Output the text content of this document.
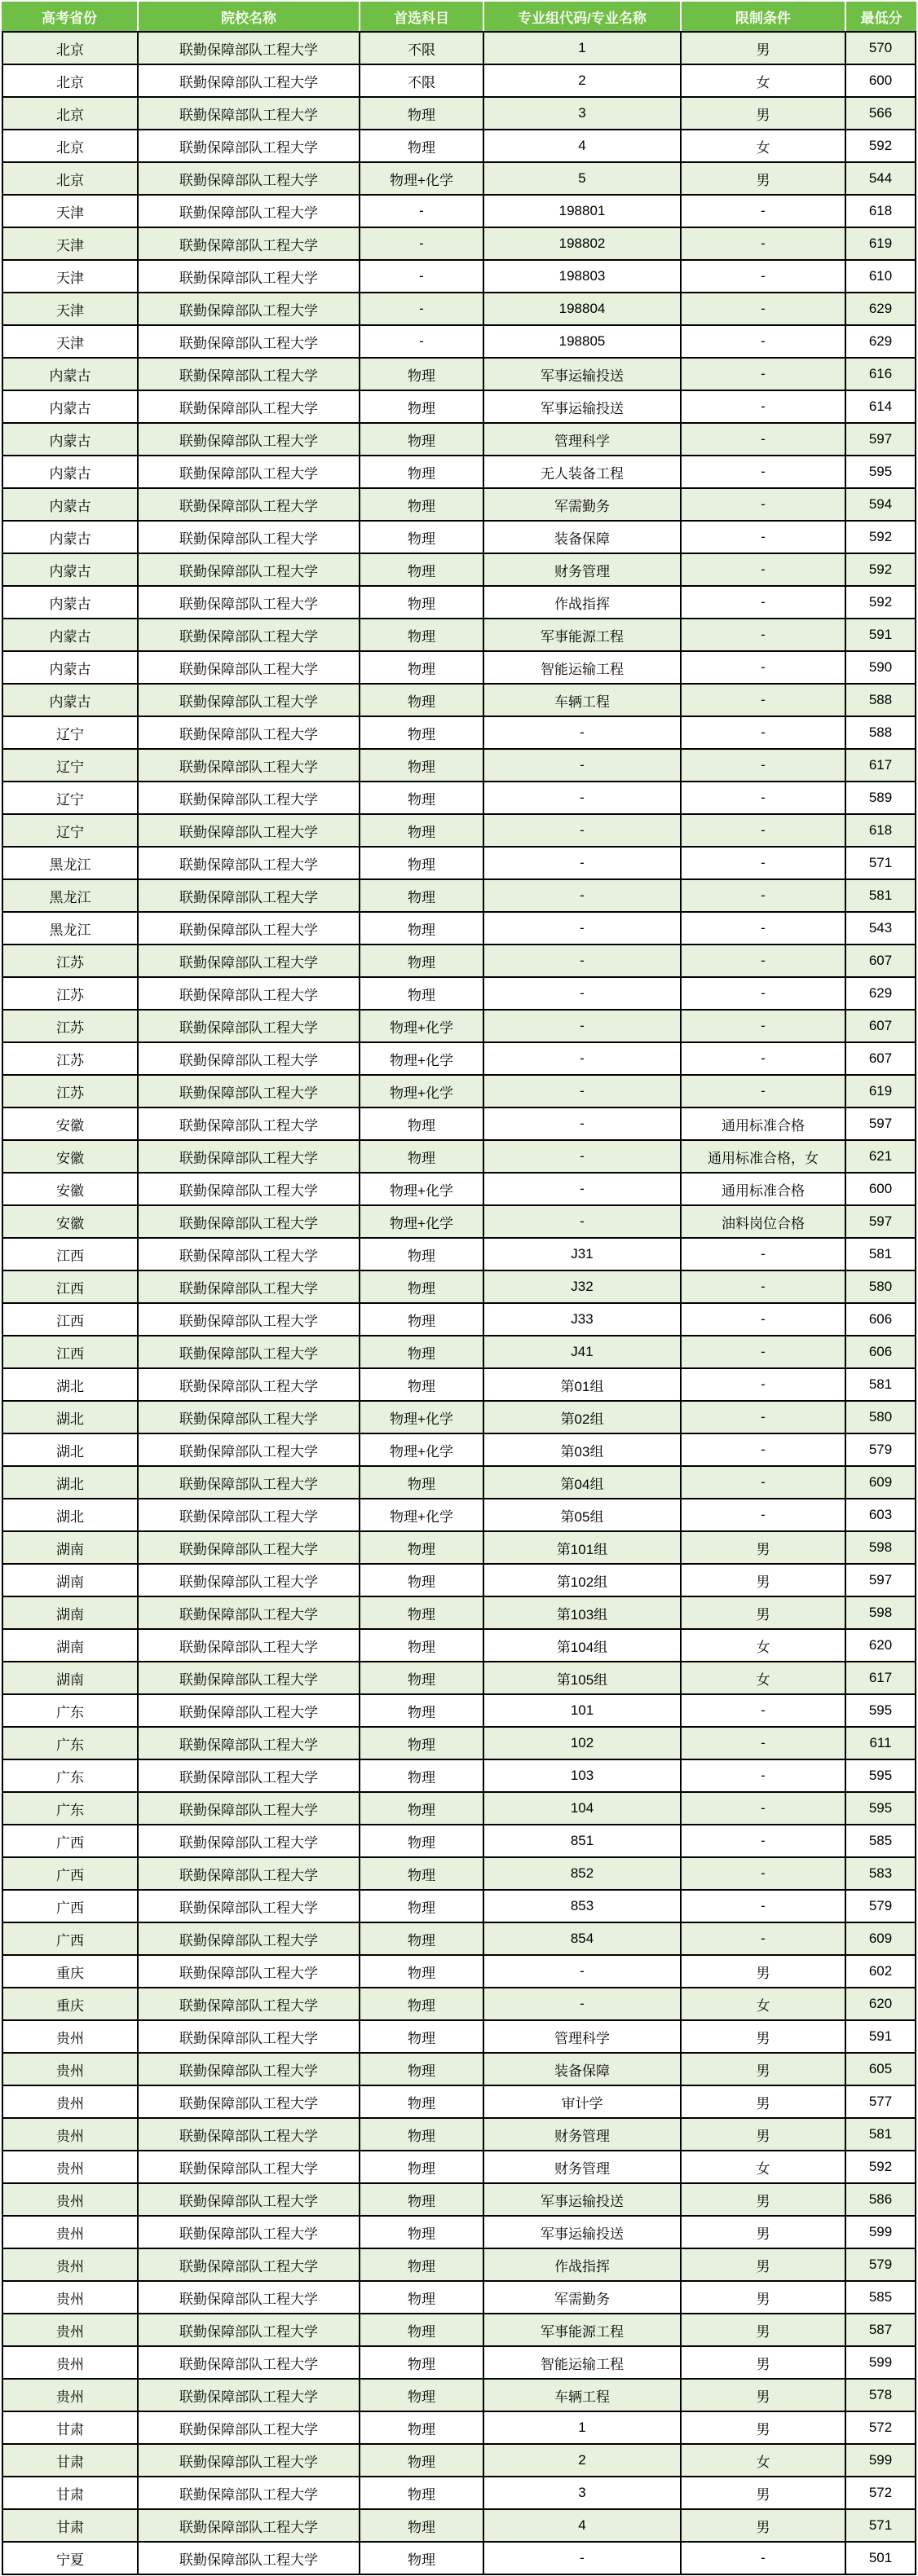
高考省份	院校名称	首选科目	专业组代码/专业名称	限制条件	最低分
北京	联勤保障部队工程大学	不限	1	男	570
北京	联勤保障部队工程大学	不限	2	女	600
北京	联勤保障部队工程大学	物理	3	男	566
北京	联勤保障部队工程大学	物理	4	女	592
北京	联勤保障部队工程大学	物理+化学	5	男	544
天津	联勤保障部队工程大学	-	198801	-	618
天津	联勤保障部队工程大学	-	198802	-	619
天津	联勤保障部队工程大学	-	198803	-	610
天津	联勤保障部队工程大学	-	198804	-	629
天津	联勤保障部队工程大学	-	198805	-	629
内蒙古	联勤保障部队工程大学	物理	军事运输投送	-	616
内蒙古	联勤保障部队工程大学	物理	军事运输投送	-	614
内蒙古	联勤保障部队工程大学	物理	管理科学	-	597
内蒙古	联勤保障部队工程大学	物理	无人装备工程	-	595
内蒙古	联勤保障部队工程大学	物理	军需勤务	-	594
内蒙古	联勤保障部队工程大学	物理	装备保障	-	592
内蒙古	联勤保障部队工程大学	物理	财务管理	-	592
内蒙古	联勤保障部队工程大学	物理	作战指挥	-	592
内蒙古	联勤保障部队工程大学	物理	军事能源工程	-	591
内蒙古	联勤保障部队工程大学	物理	智能运输工程	-	590
内蒙古	联勤保障部队工程大学	物理	车辆工程	-	588
辽宁	联勤保障部队工程大学	物理	-	-	588
辽宁	联勤保障部队工程大学	物理	-	-	617
辽宁	联勤保障部队工程大学	物理	-	-	589
辽宁	联勤保障部队工程大学	物理	-	-	618
黑龙江	联勤保障部队工程大学	物理	-	-	571
黑龙江	联勤保障部队工程大学	物理	-	-	581
黑龙江	联勤保障部队工程大学	物理	-	-	543
江苏	联勤保障部队工程大学	物理	-	-	607
江苏	联勤保障部队工程大学	物理	-	-	629
江苏	联勤保障部队工程大学	物理+化学	-	-	607
江苏	联勤保障部队工程大学	物理+化学	-	-	607
江苏	联勤保障部队工程大学	物理+化学	-	-	619
安徽	联勤保障部队工程大学	物理	-	通用标准合格	597
安徽	联勤保障部队工程大学	物理	-	通用标准合格，女	621
安徽	联勤保障部队工程大学	物理+化学	-	通用标准合格	600
安徽	联勤保障部队工程大学	物理+化学	-	油料岗位合格	597
江西	联勤保障部队工程大学	物理	J31	-	581
江西	联勤保障部队工程大学	物理	J32	-	580
江西	联勤保障部队工程大学	物理	J33	-	606
江西	联勤保障部队工程大学	物理	J41	-	606
湖北	联勤保障部队工程大学	物理	第01组	-	581
湖北	联勤保障部队工程大学	物理+化学	第02组	-	580
湖北	联勤保障部队工程大学	物理+化学	第03组	-	579
湖北	联勤保障部队工程大学	物理	第04组	-	609
湖北	联勤保障部队工程大学	物理+化学	第05组	-	603
湖南	联勤保障部队工程大学	物理	第101组	男	598
湖南	联勤保障部队工程大学	物理	第102组	男	597
湖南	联勤保障部队工程大学	物理	第103组	男	598
湖南	联勤保障部队工程大学	物理	第104组	女	620
湖南	联勤保障部队工程大学	物理	第105组	女	617
广东	联勤保障部队工程大学	物理	101	-	595
广东	联勤保障部队工程大学	物理	102	-	611
广东	联勤保障部队工程大学	物理	103	-	595
广东	联勤保障部队工程大学	物理	104	-	595
广西	联勤保障部队工程大学	物理	851	-	585
广西	联勤保障部队工程大学	物理	852	-	583
广西	联勤保障部队工程大学	物理	853	-	579
广西	联勤保障部队工程大学	物理	854	-	609
重庆	联勤保障部队工程大学	物理	-	男	602
重庆	联勤保障部队工程大学	物理	-	女	620
贵州	联勤保障部队工程大学	物理	管理科学	男	591
贵州	联勤保障部队工程大学	物理	装备保障	男	605
贵州	联勤保障部队工程大学	物理	审计学	男	577
贵州	联勤保障部队工程大学	物理	财务管理	男	581
贵州	联勤保障部队工程大学	物理	财务管理	女	592
贵州	联勤保障部队工程大学	物理	军事运输投送	男	586
贵州	联勤保障部队工程大学	物理	军事运输投送	男	599
贵州	联勤保障部队工程大学	物理	作战指挥	男	579
贵州	联勤保障部队工程大学	物理	军需勤务	男	585
贵州	联勤保障部队工程大学	物理	军事能源工程	男	587
贵州	联勤保障部队工程大学	物理	智能运输工程	男	599
贵州	联勤保障部队工程大学	物理	车辆工程	男	578
甘肃	联勤保障部队工程大学	物理	1	男	572
甘肃	联勤保障部队工程大学	物理	2	女	599
甘肃	联勤保障部队工程大学	物理	3	男	572
甘肃	联勤保障部队工程大学	物理	4	男	571
宁夏	联勤保障部队工程大学	物理	-	-	501
